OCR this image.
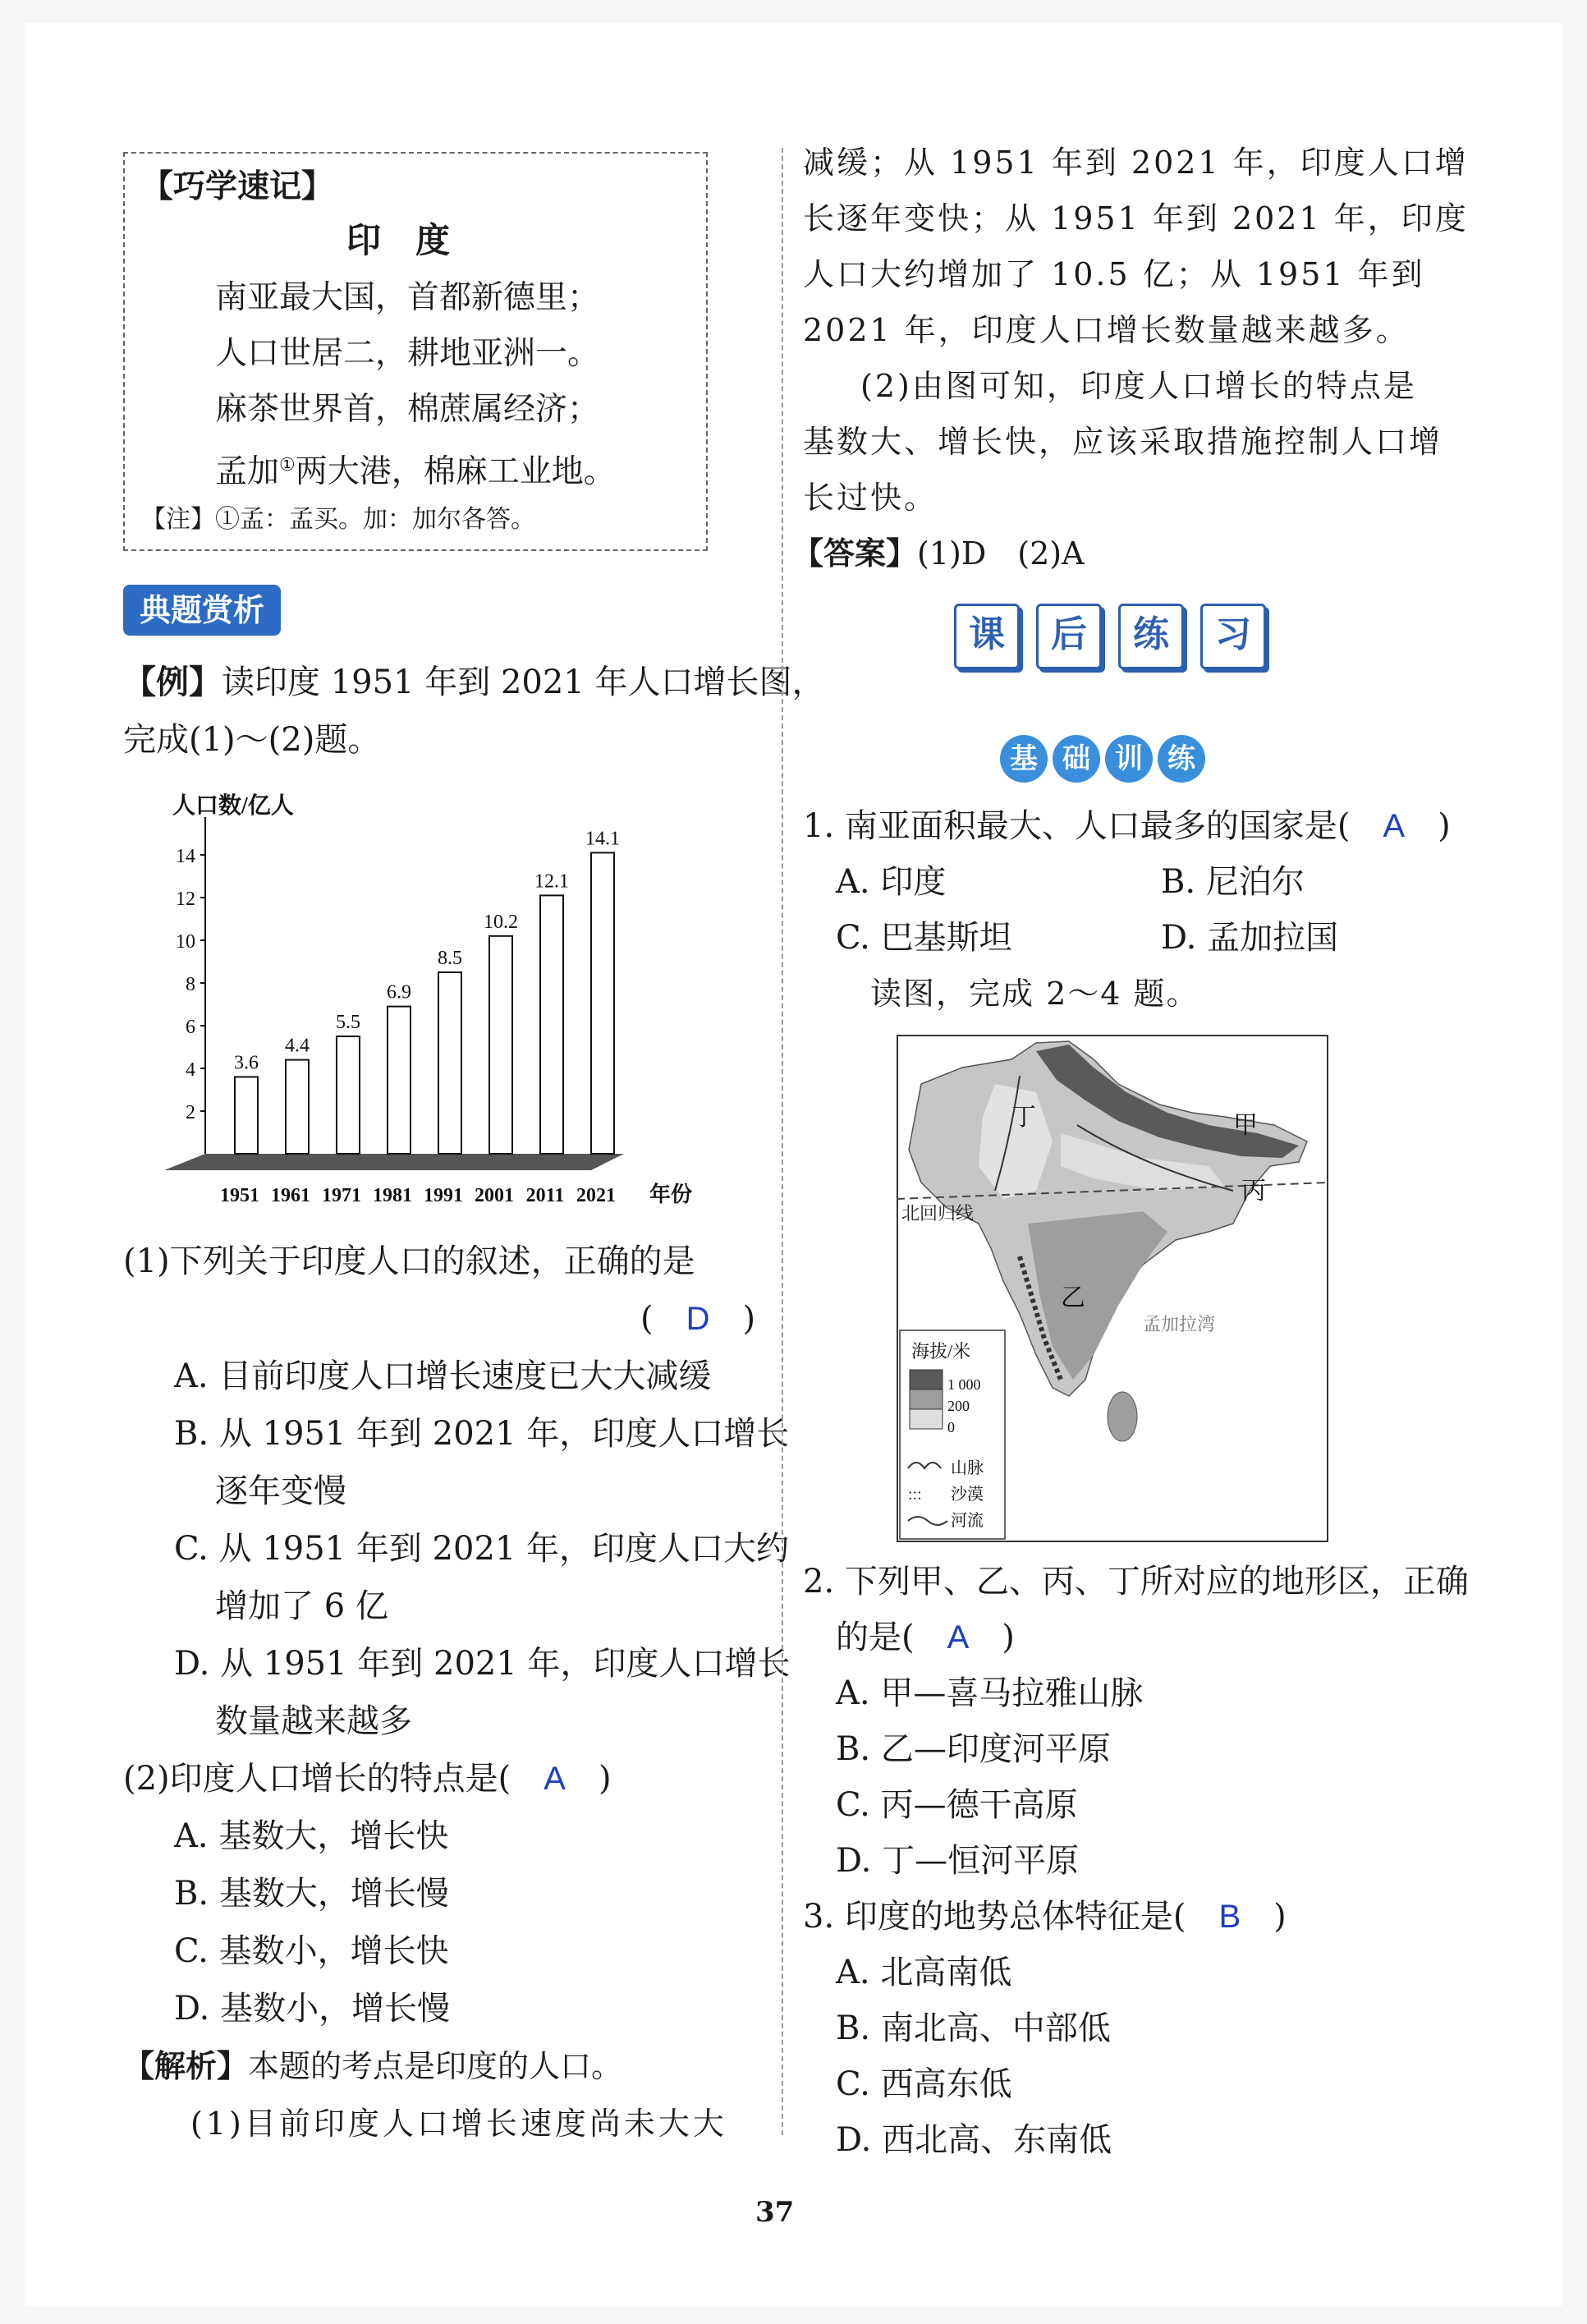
【巧学速记】
印　度
南亚最大国，首都新德里；
人口世居二，耕地亚洲一。
麻茶世界首，棉蔗属经济；
孟加①两大港，棉麻工业地。
【注】①孟：孟买。加：加尔各答。
典题赏析
【例】读印度 1951 年到 2021 年人口增长图，
完成(1)～(2)题。
人口数/亿人
2
4
6
8
10
12
14
3.6
1951
4.4
1961
5.5
1971
6.9
1981
8.5
1991
10.2
2001
12.1
2011
14.1
2021 年份
(1)下列关于印度人口的叙述，正确的是
(　 D　 )
A. 目前印度人口增长速度已大大减缓
B. 从 1951 年到 2021 年，印度人口增长
逐年变慢
C. 从 1951 年到 2021 年，印度人口大约
增加了 6 亿
D. 从 1951 年到 2021 年，印度人口增长
数量越来越多
(2)印度人口增长的特点是(　 A　 )
A. 基数大，增长快
B. 基数大，增长慢
C. 基数小，增长快
D. 基数小，增长慢
【解析】本题的考点是印度的人口。
(1)目前印度人口增长速度尚未大大
减缓；从 1951 年到 2021 年，印度人口增
长逐年变快；从 1951 年到 2021 年，印度
人口大约增加了 10.5 亿；从 1951 年到
2021 年，印度人口增长数量越来越多。
(2)由图可知，印度人口增长的特点是
基数大、增长快，应该采取措施控制人口增
长过快。
【答案】(1)D　(2)A
课	后	练	习
基 础 训 练
1. 南亚面积最大、人口最多的国家是(　 A　 )
A. 印度	B. 尼泊尔
C. 巴基斯坦	D. 孟加拉国
读图，完成 2～4 题。
甲
乙
丙
丁
北回归线
孟加拉湾
海拔/米
1 000
200
0
山脉
::: 沙漠
河流
2. 下列甲、乙、丙、丁所对应的地形区，正确
的是(　 A　 )
A. 甲—喜马拉雅山脉
B. 乙—印度河平原
C. 丙—德干高原
D. 丁—恒河平原
3. 印度的地势总体特征是(　 B　 )
A. 北高南低
B. 南北高、中部低
C. 西高东低
D. 西北高、东南低
37
